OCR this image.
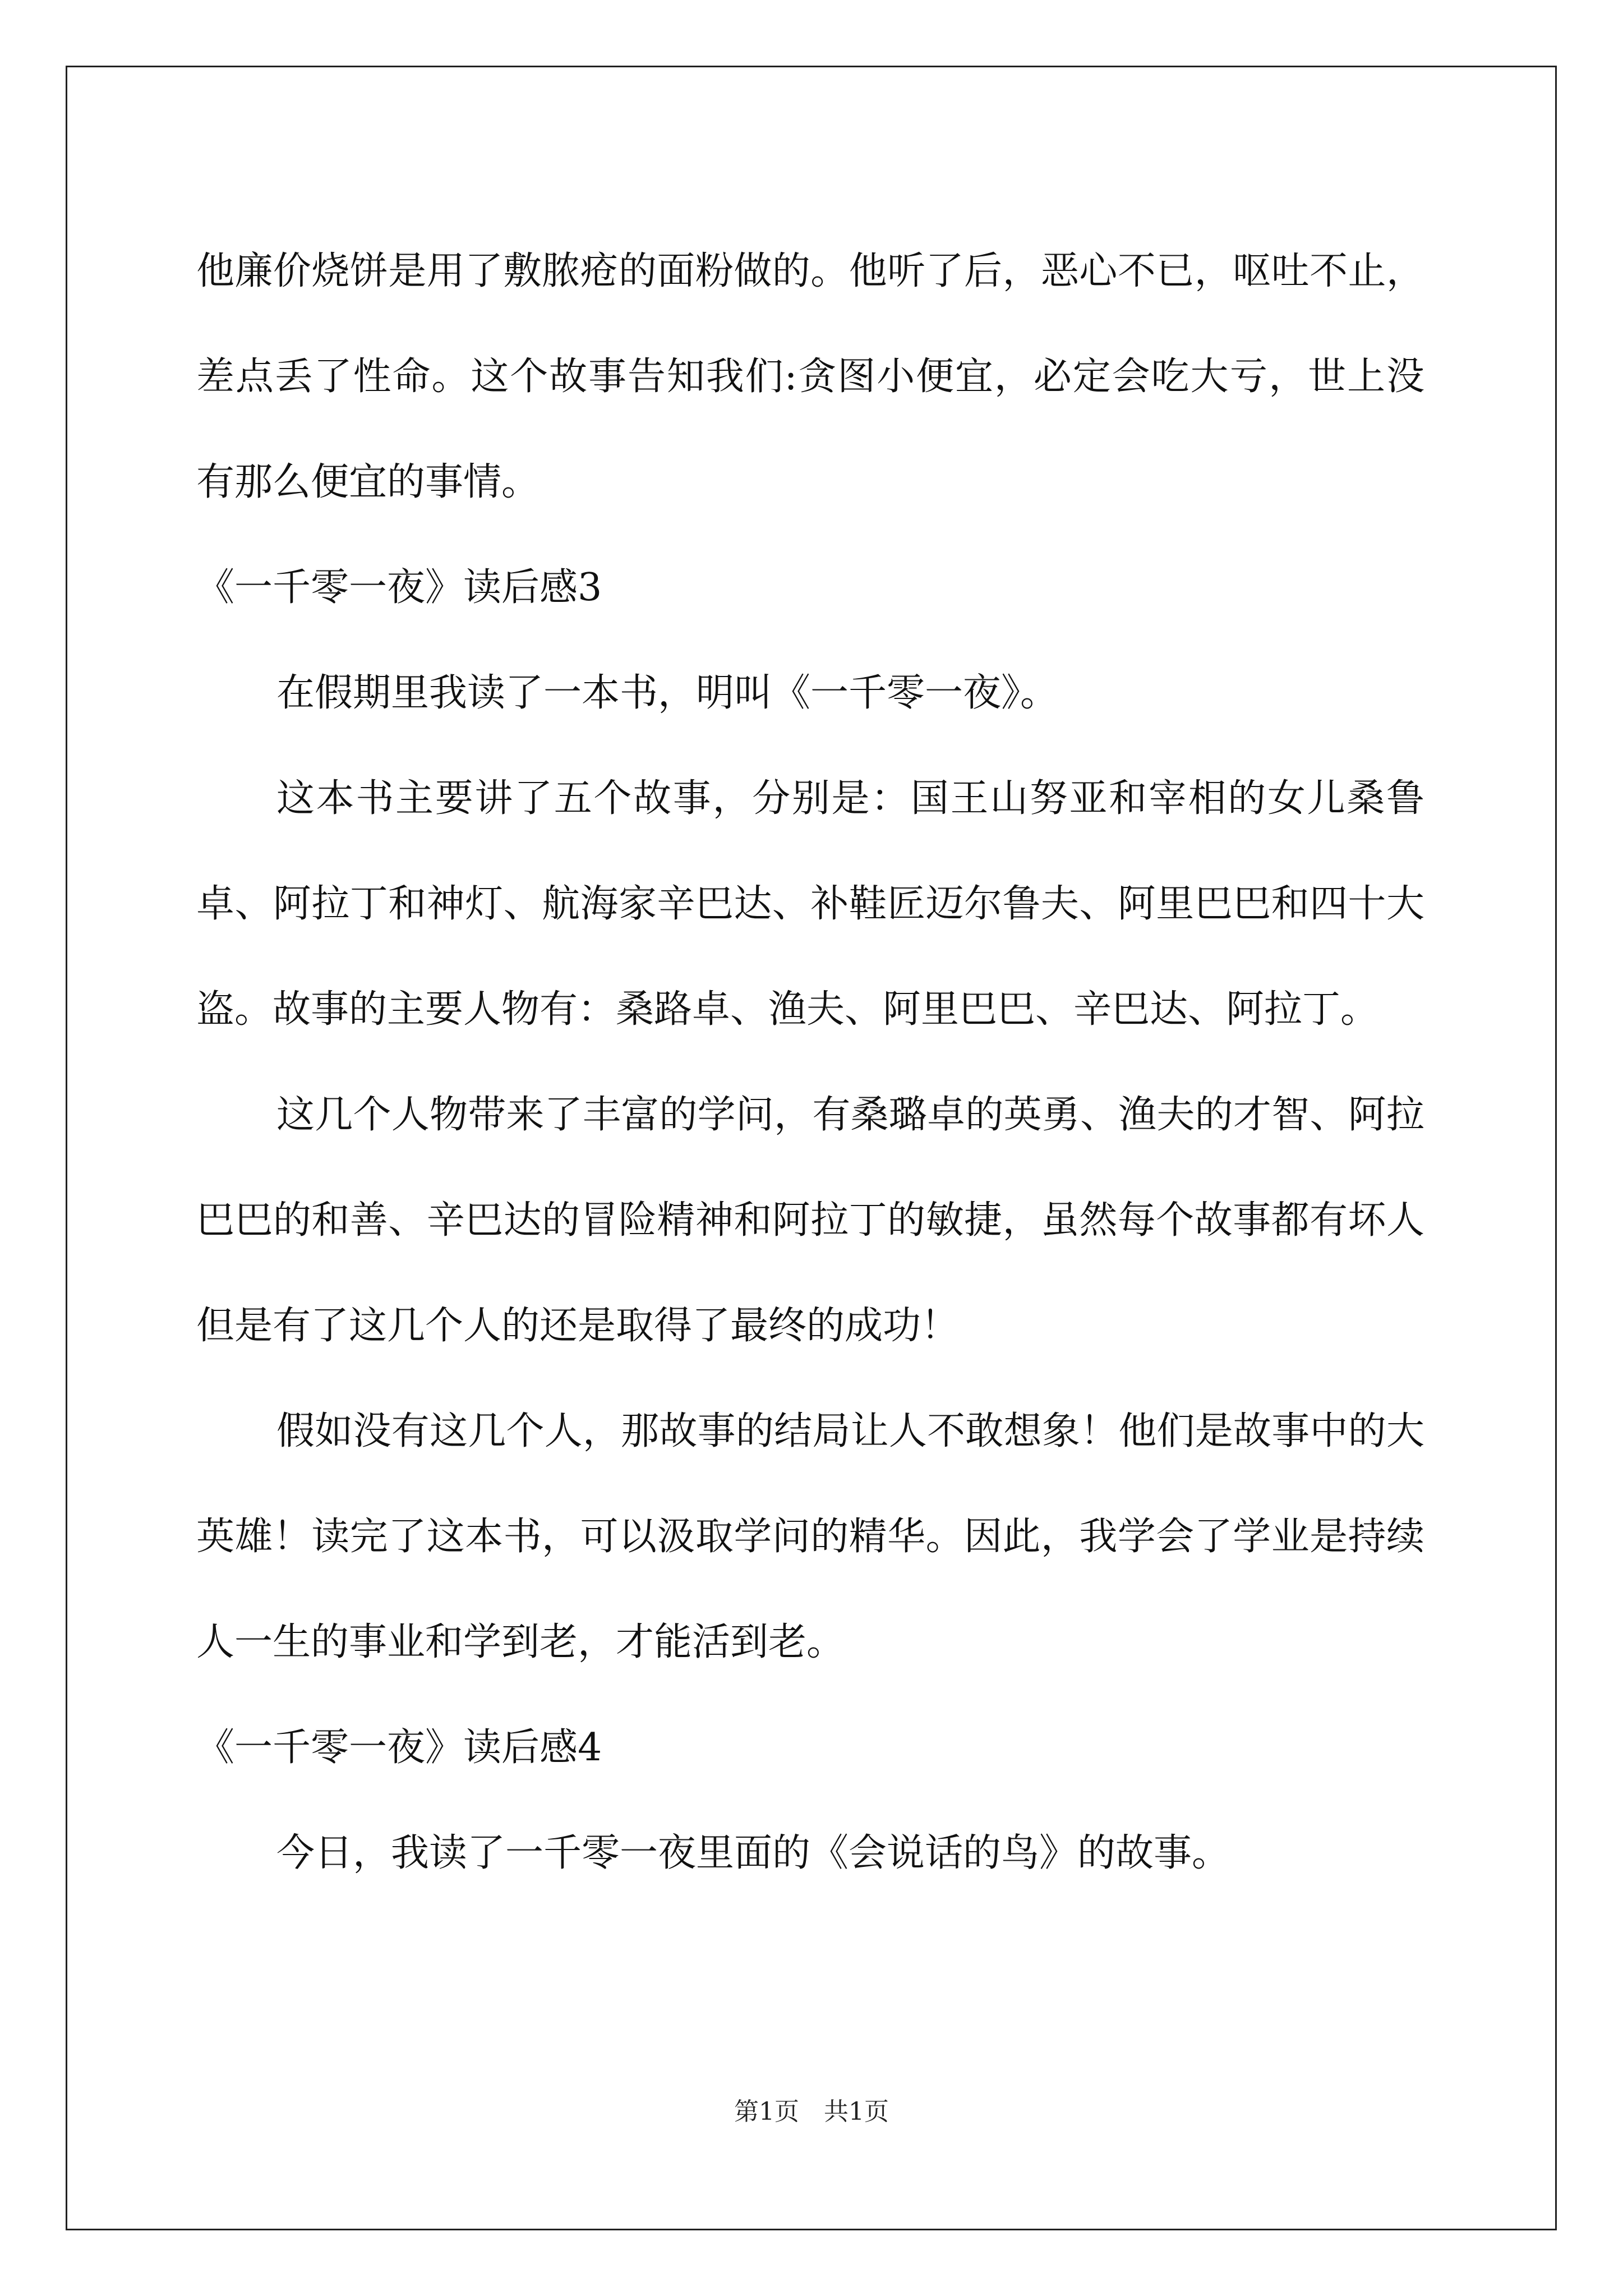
他廉价烧饼是用了敷脓疮的面粉做的。他听了后，恶心不已，呕吐不止，差点丢了性命。这个故事告知我们:贪图小便宜，必定会吃大亏，世上没有那么便宜的事情。

《一千零一夜》读后感3

在假期里我读了一本书，明叫《一千零一夜》。

这本书主要讲了五个故事，分别是：国王山努亚和宰相的女儿桑鲁卓、阿拉丁和神灯、航海家辛巴达、补鞋匠迈尔鲁夫、阿里巴巴和四十大盗。故事的主要人物有：桑路卓、渔夫、阿里巴巴、辛巴达、阿拉丁。

这几个人物带来了丰富的学问，有桑璐卓的英勇、渔夫的才智、阿拉巴巴的和善、辛巴达的冒险精神和阿拉丁的敏捷，虽然每个故事都有坏人但是有了这几个人的还是取得了最终的成功！

假如没有这几个人，那故事的结局让人不敢想象！他们是故事中的大英雄！读完了这本书，可以汲取学问的精华。因此，我学会了学业是持续人一生的事业和学到老，才能活到老。

《一千零一夜》读后感4

今日，我读了一千零一夜里面的《会说话的鸟》的故事。

第1页　共1页
